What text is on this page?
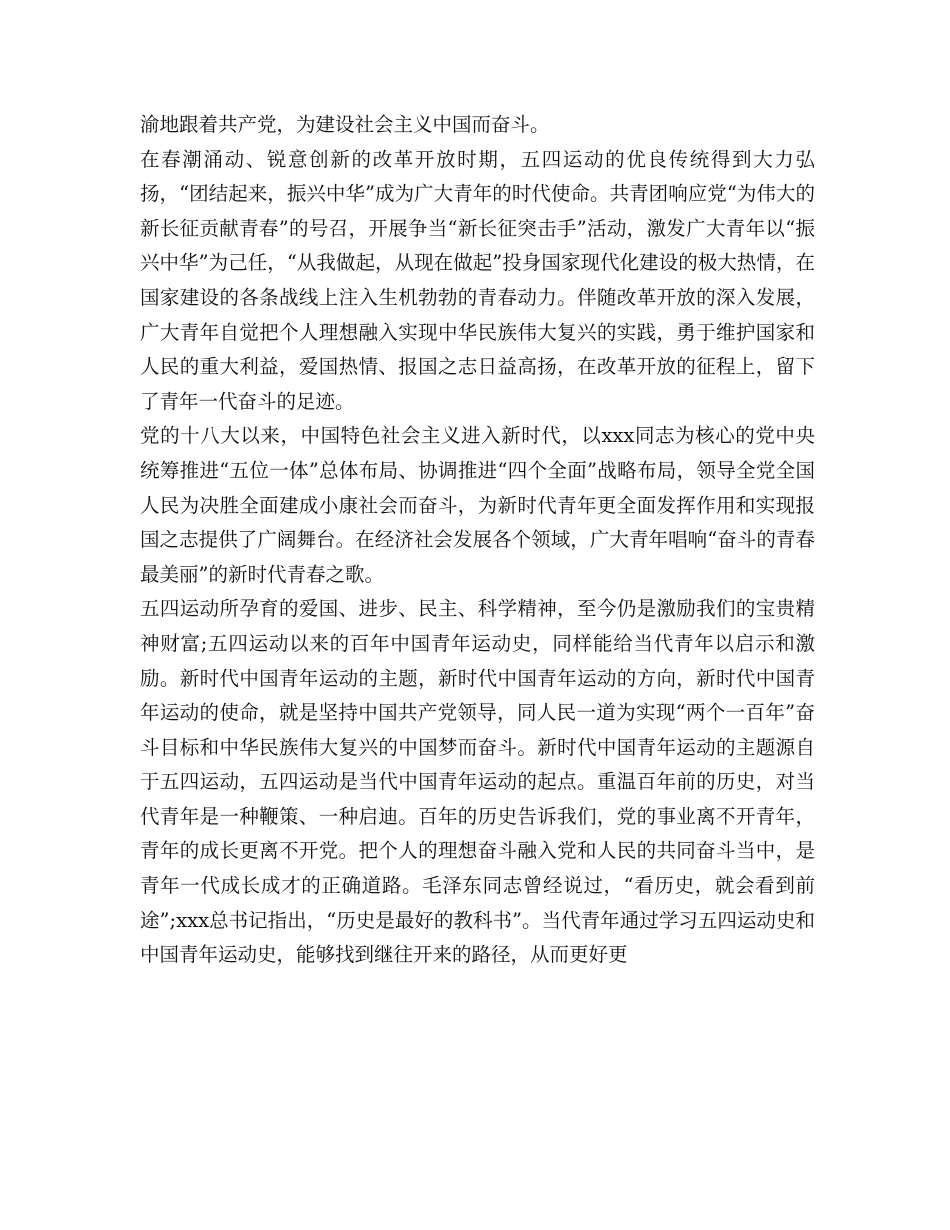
渝地跟着共产党，为建设社会主义中国而奋斗。

在春潮涌动、锐意创新的改革开放时期，五四运动的优良传统得到大力弘扬，“团结起来，振兴中华”成为广大青年的时代使命。共青团响应党“为伟大的新长征贡献青春”的号召，开展争当“新长征突击手”活动，激发广大青年以“振兴中华”为己任，“从我做起，从现在做起”投身国家现代化建设的极大热情，在国家建设的各条战线上注入生机勃勃的青春动力。伴随改革开放的深入发展，广大青年自觉把个人理想融入实现中华民族伟大复兴的实践，勇于维护国家和人民的重大利益，爱国热情、报国之志日益高扬，在改革开放的征程上，留下了青年一代奋斗的足迹。

党的十八大以来，中国特色社会主义进入新时代，以xxx同志为核心的党中央统筹推进“五位一体”总体布局、协调推进“四个全面”战略布局，领导全党全国人民为决胜全面建成小康社会而奋斗，为新时代青年更全面发挥作用和实现报国之志提供了广阔舞台。在经济社会发展各个领域，广大青年唱响“奋斗的青春最美丽”的新时代青春之歌。

五四运动所孕育的爱国、进步、民主、科学精神，至今仍是激励我们的宝贵精神财富;五四运动以来的百年中国青年运动史，同样能给当代青年以启示和激励。新时代中国青年运动的主题，新时代中国青年运动的方向，新时代中国青年运动的使命，就是坚持中国共产党领导，同人民一道为实现“两个一百年”奋斗目标和中华民族伟大复兴的中国梦而奋斗。新时代中国青年运动的主题源自于五四运动，五四运动是当代中国青年运动的起点。重温百年前的历史，对当代青年是一种鞭策、一种启迪。百年的历史告诉我们，党的事业离不开青年，青年的成长更离不开党。把个人的理想奋斗融入党和人民的共同奋斗当中，是青年一代成长成才的正确道路。毛泽东同志曾经说过，“看历史，就会看到前途”;xxx总书记指出，“历史是最好的教科书”。当代青年通过学习五四运动史和中国青年运动史，能够找到继往开来的路径，从而更好更
